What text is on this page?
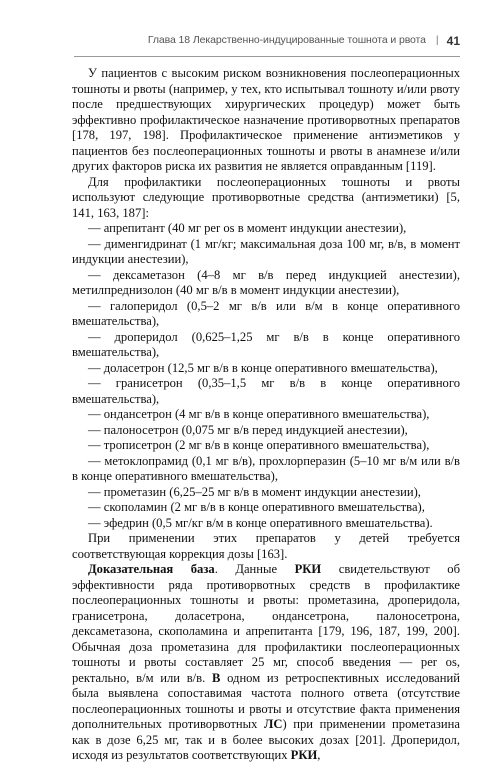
Глава 18 Лекарственно-индуцированные тошнота и рвота | 41

У пациентов с высоким риском возникновения послеоперационных тошноты и рвоты (например, у тех, кто испытывал тошноту и/или рвоту после предшествующих хирургических процедур) может быть эффективно профилактическое назначение противорвотных препаратов [178, 197, 198]. Профилактическое применение антиэметиков у пациентов без послеоперационных тошноты и рвоты в анамнезе и/или других факторов риска их развития не является оправданным [119].

Для профилактики послеоперационных тошноты и рвоты используют следующие противорвотные средства (антиэметики) [5, 141, 163, 187]:

— апрепитант (40 мг per os в момент индукции анестезии),
— дименгидринат (1 мг/кг; максимальная доза 100 мг, в/в, в момент индукции анестезии),
— дексаметазон (4–8 мг в/в перед индукцией анестезии), метилпреднизолон (40 мг в/в в момент индукции анестезии),
— галоперидол (0,5–2 мг в/в или в/м в конце оперативного вмешательства),
— дроперидол (0,625–1,25 мг в/в в конце оперативного вмешательства),
— доласетрон (12,5 мг в/в в конце оперативного вмешательства),
— гранисетрон (0,35–1,5 мг в/в в конце оперативного вмешательства),
— ондансетрон (4 мг в/в в конце оперативного вмешательства),
— палоносетрон (0,075 мг в/в перед индукцией анестезии),
— трописетрон (2 мг в/в в конце оперативного вмешательства),
— метоклопрамид (0,1 мг в/в), прохлорперазин (5–10 мг в/м или в/в в конце оперативного вмешательства),
— прометазин (6,25–25 мг в/в в момент индукции анестезии),
— скополамин (2 мг в/в в конце оперативного вмешательства),
— эфедрин (0,5 мг/кг в/м в конце оперативного вмешательства).

При применении этих препаратов у детей требуется соответствующая коррекция дозы [163].

Доказательная база. Данные РКИ свидетельствуют об эффективности ряда противорвотных средств в профилактике послеоперационных тошноты и рвоты: прометазина, дроперидола, гранисетрона, доласетрона, ондансетрона, палоносетрона, дексаметазона, скополамина и апрепитанта [179, 196, 187, 199, 200]. Обычная доза прометазина для профилактики послеоперационных тошноты и рвоты составляет 25 мг, способ введения — per os, ректально, в/м или в/в. В одном из ретроспективных исследований была выявлена сопоставимая частота полного ответа (отсутствие послеоперационных тошноты и рвоты и отсутствие факта применения дополнительных противорвотных ЛС) при применении прометазина как в дозе 6,25 мг, так и в более высоких дозах [201]. Дроперидол, исходя из результатов соответствующих РКИ,
